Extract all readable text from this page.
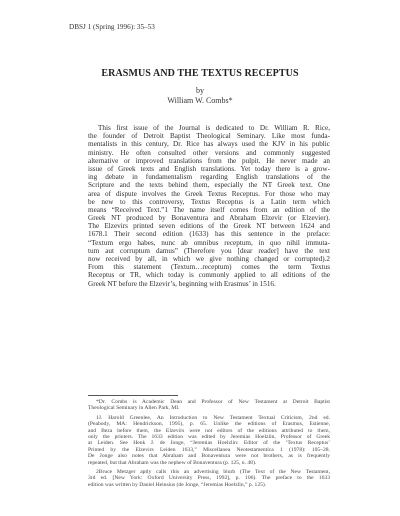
DBSJ 1 (Spring 1996): 35–53
ERASMUS AND THE TEXTUS RECEPTUS
by
William W. Combs*
This first issue of the Journal is dedicated to Dr. William R. Rice,
the founder of Detroit Baptist Theological Seminary. Like most funda-
mentalists in this century, Dr. Rice has always used the KJV in his public
ministry. He often consulted other versions and commonly suggested
alternative or improved translations from the pulpit. He never made an
issue of Greek texts and English translations. Yet today there is a grow-
ing debate in fundamentalism regarding English translations of the
Scripture and the texts behind them, especially the NT Greek text. One
area of dispute involves the Greek Textus Receptus. For those who may
be new to this controversy, Textus Receptus is a Latin term which
means “Received Text.”1 The name itself comes from an edition of the
Greek NT produced by Bonaventura and Abraham Elzevir (or Elzevier).
The Elzevirs printed seven editions of the Greek NT between 1624 and
1678.1 Their second edition (1633) has this sentence in the preface:
“Textum ergo habes, nunc ab omnibus receptum, in quo nihil immuta-
tum aut corruptum damus” (Therefore you [dear reader] have the text
now received by all, in which we give nothing changed or corrupted).2
From this statement (Textum…receptum) comes the term Textus
Receptus or TR, which today is commonly applied to all editions of the
Greek NT before the Elzevir’s, beginning with Erasmus’ in 1516.
*Dr. Combs is Academic Dean and Professor of New Testament at Detroit Baptist
Theological Seminary in Allen Park, MI.
1J. Harold Greenlee, An Introduction to New Testament Textual Criticism, 2nd ed.
(Peabody, MA: Hendrickson, 1995), p. 65. Unlike the editions of Erasmus, Estienne,
and Beza before them, the Elzevirs were not editors of the editions attributed to them,
only the printers. The 1633 edition was edited by Jeremias Hoelzlin, Professor of Greek
at Leiden. See Henk J. de Jonge, “Jeremias Hoelzlin: Editor of the ‘Textus Receptus’
Printed by the Elzevirs Leiden 1633,” Miscellanea Neotestamentica 1 (1978): 105–28.
De Jonge also notes that Abraham and Bonaventura were not brothers, as is frequently
repeated, but that Abraham was the nephew of Bonaventura (p. 125, n. 48).
2Bruce Metzger aptly calls this an advertising blurb (The Text of the New Testament,
3rd ed. [New York: Oxford University Press, 1992], p. 106). The preface to the 1633
edition was written by Daniel Heinsius (de Jonge, “Jeremias Hoelzlin,” p. 125).
